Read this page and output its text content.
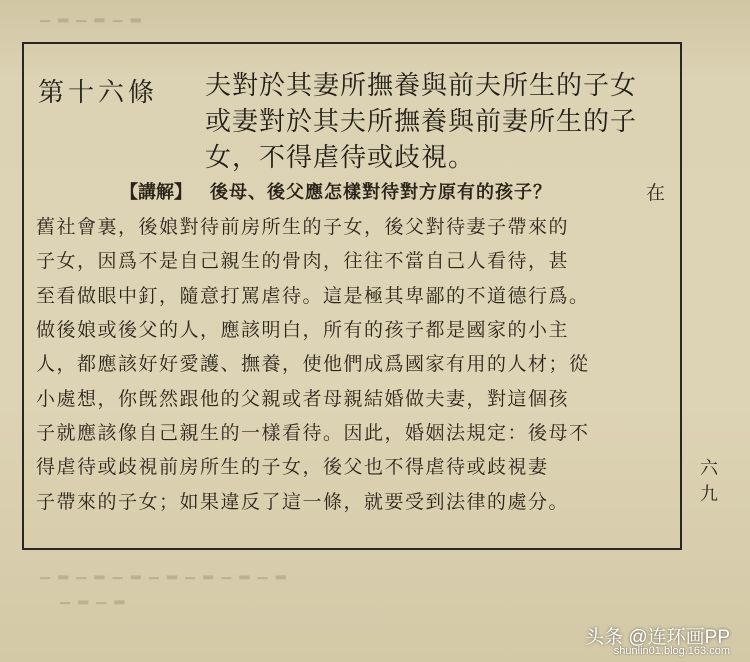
▁ ▂ ▁ ▂ ▁ ▂
▁ ▂ ▁ ▂ ▁ ▂ ▁ ▂ ▁ ▂ ▁ ▂ ▁ ▂
▁ ▂ ▁ ▂
第十六條 夫對於其妻所撫養與前夫所生的子女
或妻對於其夫所撫養與前妻所生的子
女，不得虐待或歧視。
【講解】 後母、後父應怎樣對待對方原有的孩子？	在
舊社會裏，後娘對待前房所生的子女，後父對待妻子帶來的
子女，因爲不是自己親生的骨肉，往往不當自己人看待，甚
至看做眼中釘，隨意打罵虐待。這是極其卑鄙的不道德行爲。
做後娘或後父的人，應該明白，所有的孩子都是國家的小主
人，都應該好好愛護、撫養，使他們成爲國家有用的人材；從
小處想，你旣然跟他的父親或者母親結婚做夫妻，對這個孩
子就應該像自己親生的一樣看待。因此，婚姻法規定：後母不
得虐待或歧視前房所生的子女，後父也不得虐待或歧視妻
子帶來的子女；如果違反了這一條，就要受到法律的處分。
六九
头条 @连环画PP
shunlin01.blog.163.com
